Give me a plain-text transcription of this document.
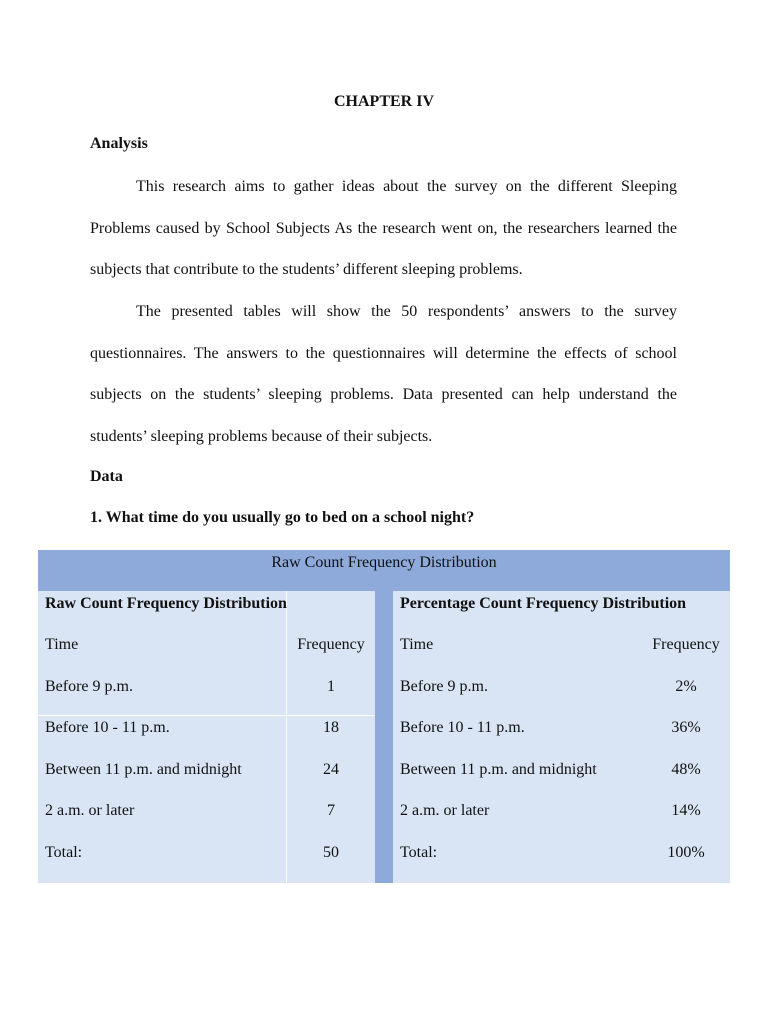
CHAPTER IV
Analysis

This research aims to gather ideas about the survey on the different Sleeping Problems caused by School Subjects As the research went on, the researchers learned the subjects that contribute to the students’ different sleeping problems.

The presented tables will show the 50 respondents’ answers to the survey questionnaires. The answers to the questionnaires will determine the effects of school subjects on the students’ sleeping problems. Data presented can help understand the students’ sleeping problems because of their subjects.

Data
1. What time do you usually go to bed on a school night?
Raw Count Frequency Distribution
Raw Count Frequency Distribution
Time	Frequency
Before 9 p.m.	1
Before 10 - 11 p.m.	18
Between 11 p.m. and midnight	24
2 a.m. or later	7
Total:	50
Percentage Count Frequency Distribution
Time	Frequency
Before 9 p.m.	2%
Before 10 - 11 p.m.	36%
Between 11 p.m. and midnight	48%
2 a.m. or later	14%
Total:	100%
